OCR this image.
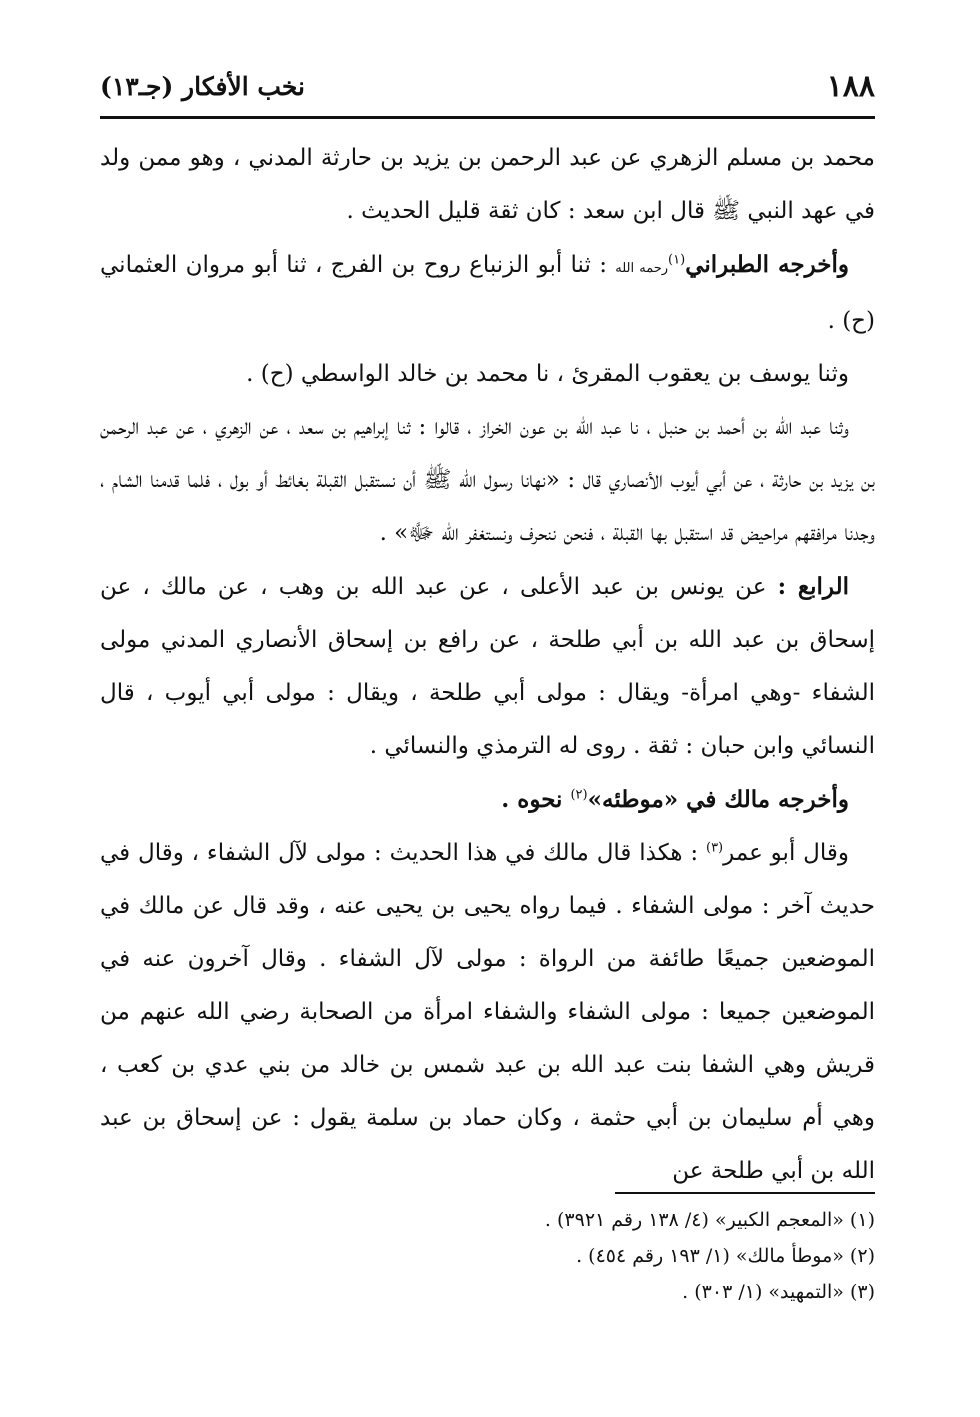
١٨٨
نخب الأفكار (جـ١٣)

محمد بن مسلم الزهري عن عبد الرحمن بن يزيد بن حارثة المدني ، وهو ممن ولد في عهد النبي ﷺ قال ابن سعد : كان ثقة قليل الحديث .

وأخرجه الطبراني$^{(١)}$رحمه الله : ثنا أبو الزنباع روح بن الفرج ، ثنا أبو مروان العثماني (ح) .

وثنا يوسف بن يعقوب المقرئ ، نا محمد بن خالد الواسطي (ح) .

وثنا عبد الله بن أحمد بن حنبل ، نا عبد الله بن عون الخراز ، قالوا : ثنا إبراهيم بن سعد ، عن الزهري ، عن عبد الرحمن بن يزيد بن حارثة ، عن أبي أيوب الأنصاري قال : «نهانا رسول الله ﷺ أن نستقبل القبلة بغائط أو بول ، فلما قدمنا الشام ، وجدنا مرافقهم مراحيض قد استقبل بها القبلة ، فنحن ننحرف ونستغفر الله ﷻ» .

الرابع : عن يونس بن عبد الأعلى ، عن عبد الله بن وهب ، عن مالك ، عن إسحاق بن عبد الله بن أبي طلحة ، عن رافع بن إسحاق الأنصاري المدني مولى الشفاء -وهي امرأة- ويقال : مولى أبي طلحة ، ويقال : مولى أبي أيوب ، قال النسائي وابن حبان : ثقة . روى له الترمذي والنسائي .

وأخرجه مالك في «موطئه»$^{(٢)}$ نحوه .

وقال أبو عمر$^{(٣)}$ : هكذا قال مالك في هذا الحديث : مولى لآل الشفاء ، وقال في حديث آخر : مولى الشفاء . فيما رواه يحيى بن يحيى عنه ، وقد قال عن مالك في الموضعين جميعًا طائفة من الرواة : مولى لآل الشفاء . وقال آخرون عنه في الموضعين جميعا : مولى الشفاء والشفاء امرأة من الصحابة رضي الله عنهم من قريش وهي الشفا بنت عبد الله بن عبد شمس بن خالد من بني عدي بن كعب ، وهي أم سليمان بن أبي حثمة ، وكان حماد بن سلمة يقول : عن إسحاق بن عبد الله بن أبي طلحة عن

(١) «المعجم الكبير» (٤/ ١٣٨ رقم ٣٩٢١) .

(٢) «موطأ مالك» (١/ ١٩٣ رقم ٤٥٤) .

(٣) «التمهيد» (١/ ٣٠٣) .
